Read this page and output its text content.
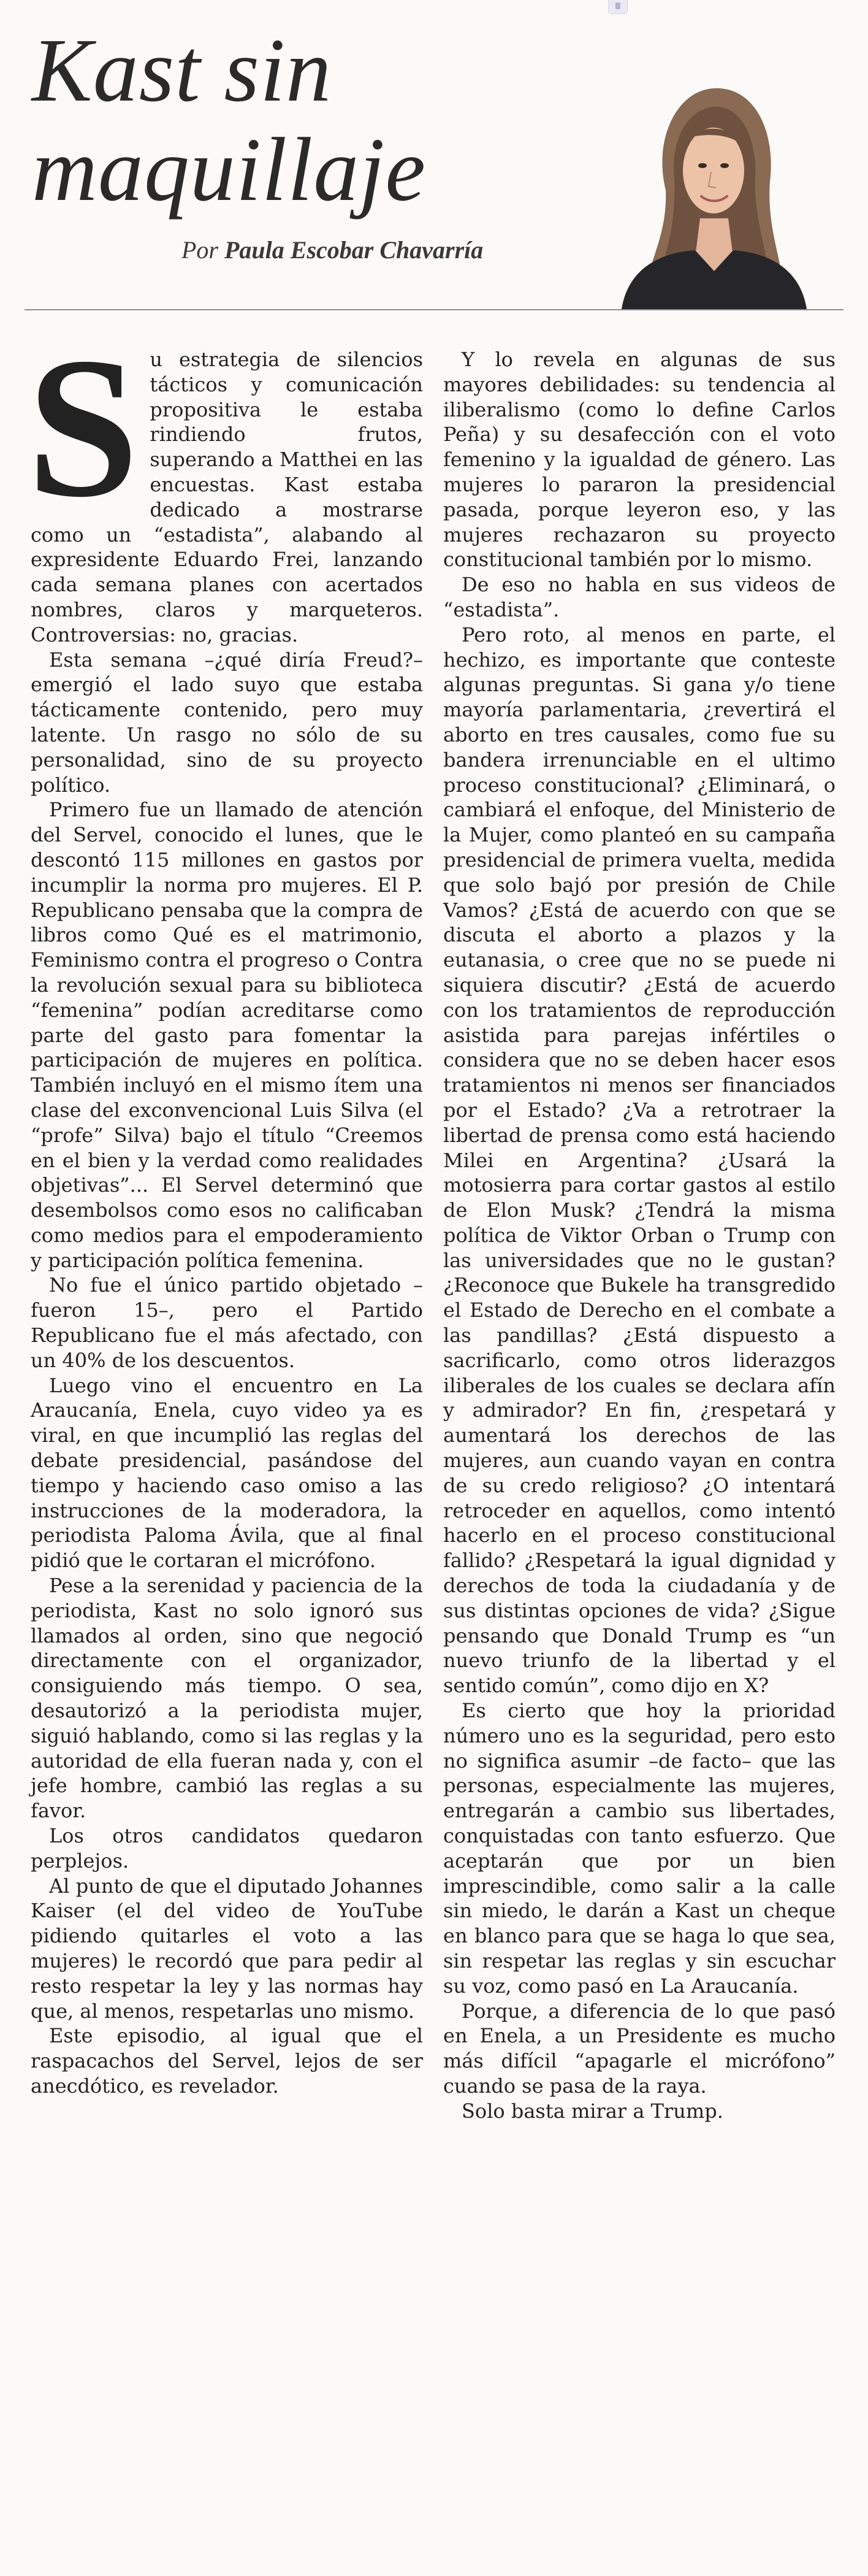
Kast sin
maquillaje

Por Paula Escobar Chavarría

Su estrategia de silencios tácticos y comunicación propositiva le estaba rindiendo frutos, superando a Matthei en las encuestas. Kast estaba dedicado a mostrarse como un “estadista”, alabando al expresidente Eduardo Frei, lanzando cada semana planes con acertados nombres, claros y marqueteros. Controversias: no, gracias.

Esta semana –¿qué diría Freud?– emergió el lado suyo que estaba tácticamente contenido, pero muy latente. Un rasgo no sólo de su personalidad, sino de su proyecto político.

Primero fue un llamado de atención del Servel, conocido el lunes, que le descontó 115 millones en gastos por incumplir la norma pro mujeres. El P. Republicano pensaba que la compra de libros como Qué es el matrimonio, Feminismo contra el progreso o Contra la revolución sexual para su biblioteca “femenina” podían acreditarse como parte del gasto para fomentar la participación de mujeres en política. También incluyó en el mismo ítem una clase del exconvencional Luis Silva (el “profe” Silva) bajo el título “Creemos en el bien y la verdad como realidades objetivas”... El Servel determinó que desembolsos como esos no calificaban como medios para el empoderamiento y participación política femenina.

No fue el único partido objetado –fueron 15–, pero el Partido Republicano fue el más afectado, con un 40% de los descuentos.

Luego vino el encuentro en La Araucanía, Enela, cuyo video ya es viral, en que incumplió las reglas del debate presidencial, pasándose del tiempo y haciendo caso omiso a las instrucciones de la moderadora, la periodista Paloma Ávila, que al final pidió que le cortaran el micrófono.

Pese a la serenidad y paciencia de la periodista, Kast no solo ignoró sus llamados al orden, sino que negoció directamente con el organizador, consiguiendo más tiempo. O sea, desautorizó a la periodista mujer, siguió hablando, como si las reglas y la autoridad de ella fueran nada y, con el jefe hombre, cambió las reglas a su favor.

Los otros candidatos quedaron perplejos.

Al punto de que el diputado Johannes Kaiser (el del video de YouTube pidiendo quitarles el voto a las mujeres) le recordó que para pedir al resto respetar la ley y las normas hay que, al menos, respetarlas uno mismo.

Este episodio, al igual que el raspacachos del Servel, lejos de ser anecdótico, es revelador.

Y lo revela en algunas de sus mayores debilidades: su tendencia al iliberalismo (como lo define Carlos Peña) y su desafección con el voto femenino y la igualdad de género. Las mujeres lo pararon la presidencial pasada, porque leyeron eso, y las mujeres rechazaron su proyecto constitucional también por lo mismo.

De eso no habla en sus videos de “estadista”.

Pero roto, al menos en parte, el hechizo, es importante que conteste algunas preguntas. Si gana y/o tiene mayoría parlamentaria, ¿revertirá el aborto en tres causales, como fue su bandera irrenunciable en el ultimo proceso constitucional? ¿Eliminará, o cambiará el enfoque, del Ministerio de la Mujer, como planteó en su campaña presidencial de primera vuelta, medida que solo bajó por presión de Chile Vamos? ¿Está de acuerdo con que se discuta el aborto a plazos y la eutanasia, o cree que no se puede ni siquiera discutir? ¿Está de acuerdo con los tratamientos de reproducción asistida para parejas infértiles o considera que no se deben hacer esos tratamientos ni menos ser financiados por el Estado? ¿Va a retrotraer la libertad de prensa como está haciendo Milei en Argentina? ¿Usará la motosierra para cortar gastos al estilo de Elon Musk? ¿Tendrá la misma política de Viktor Orban o Trump con las universidades que no le gustan? ¿Reconoce que Bukele ha transgredido el Estado de Derecho en el combate a las pandillas? ¿Está dispuesto a sacrificarlo, como otros liderazgos iliberales de los cuales se declara afín y admirador? En fin, ¿respetará y aumentará los derechos de las mujeres, aun cuando vayan en contra de su credo religioso? ¿O intentará retroceder en aquellos, como intentó hacerlo en el proceso constitucional fallido? ¿Respetará la igual dignidad y derechos de toda la ciudadanía y de sus distintas opciones de vida? ¿Sigue pensando que Donald Trump es “un nuevo triunfo de la libertad y el sentido común”, como dijo en X?

Es cierto que hoy la prioridad número uno es la seguridad, pero esto no significa asumir –de facto– que las personas, especialmente las mujeres, entregarán a cambio sus libertades, conquistadas con tanto esfuerzo. Que aceptarán que por un bien imprescindible, como salir a la calle sin miedo, le darán a Kast un cheque en blanco para que se haga lo que sea, sin respetar las reglas y sin escuchar su voz, como pasó en La Araucanía.

Porque, a diferencia de lo que pasó en Enela, a un Presidente es mucho más difícil “apagarle el micrófono” cuando se pasa de la raya.

Solo basta mirar a Trump.
